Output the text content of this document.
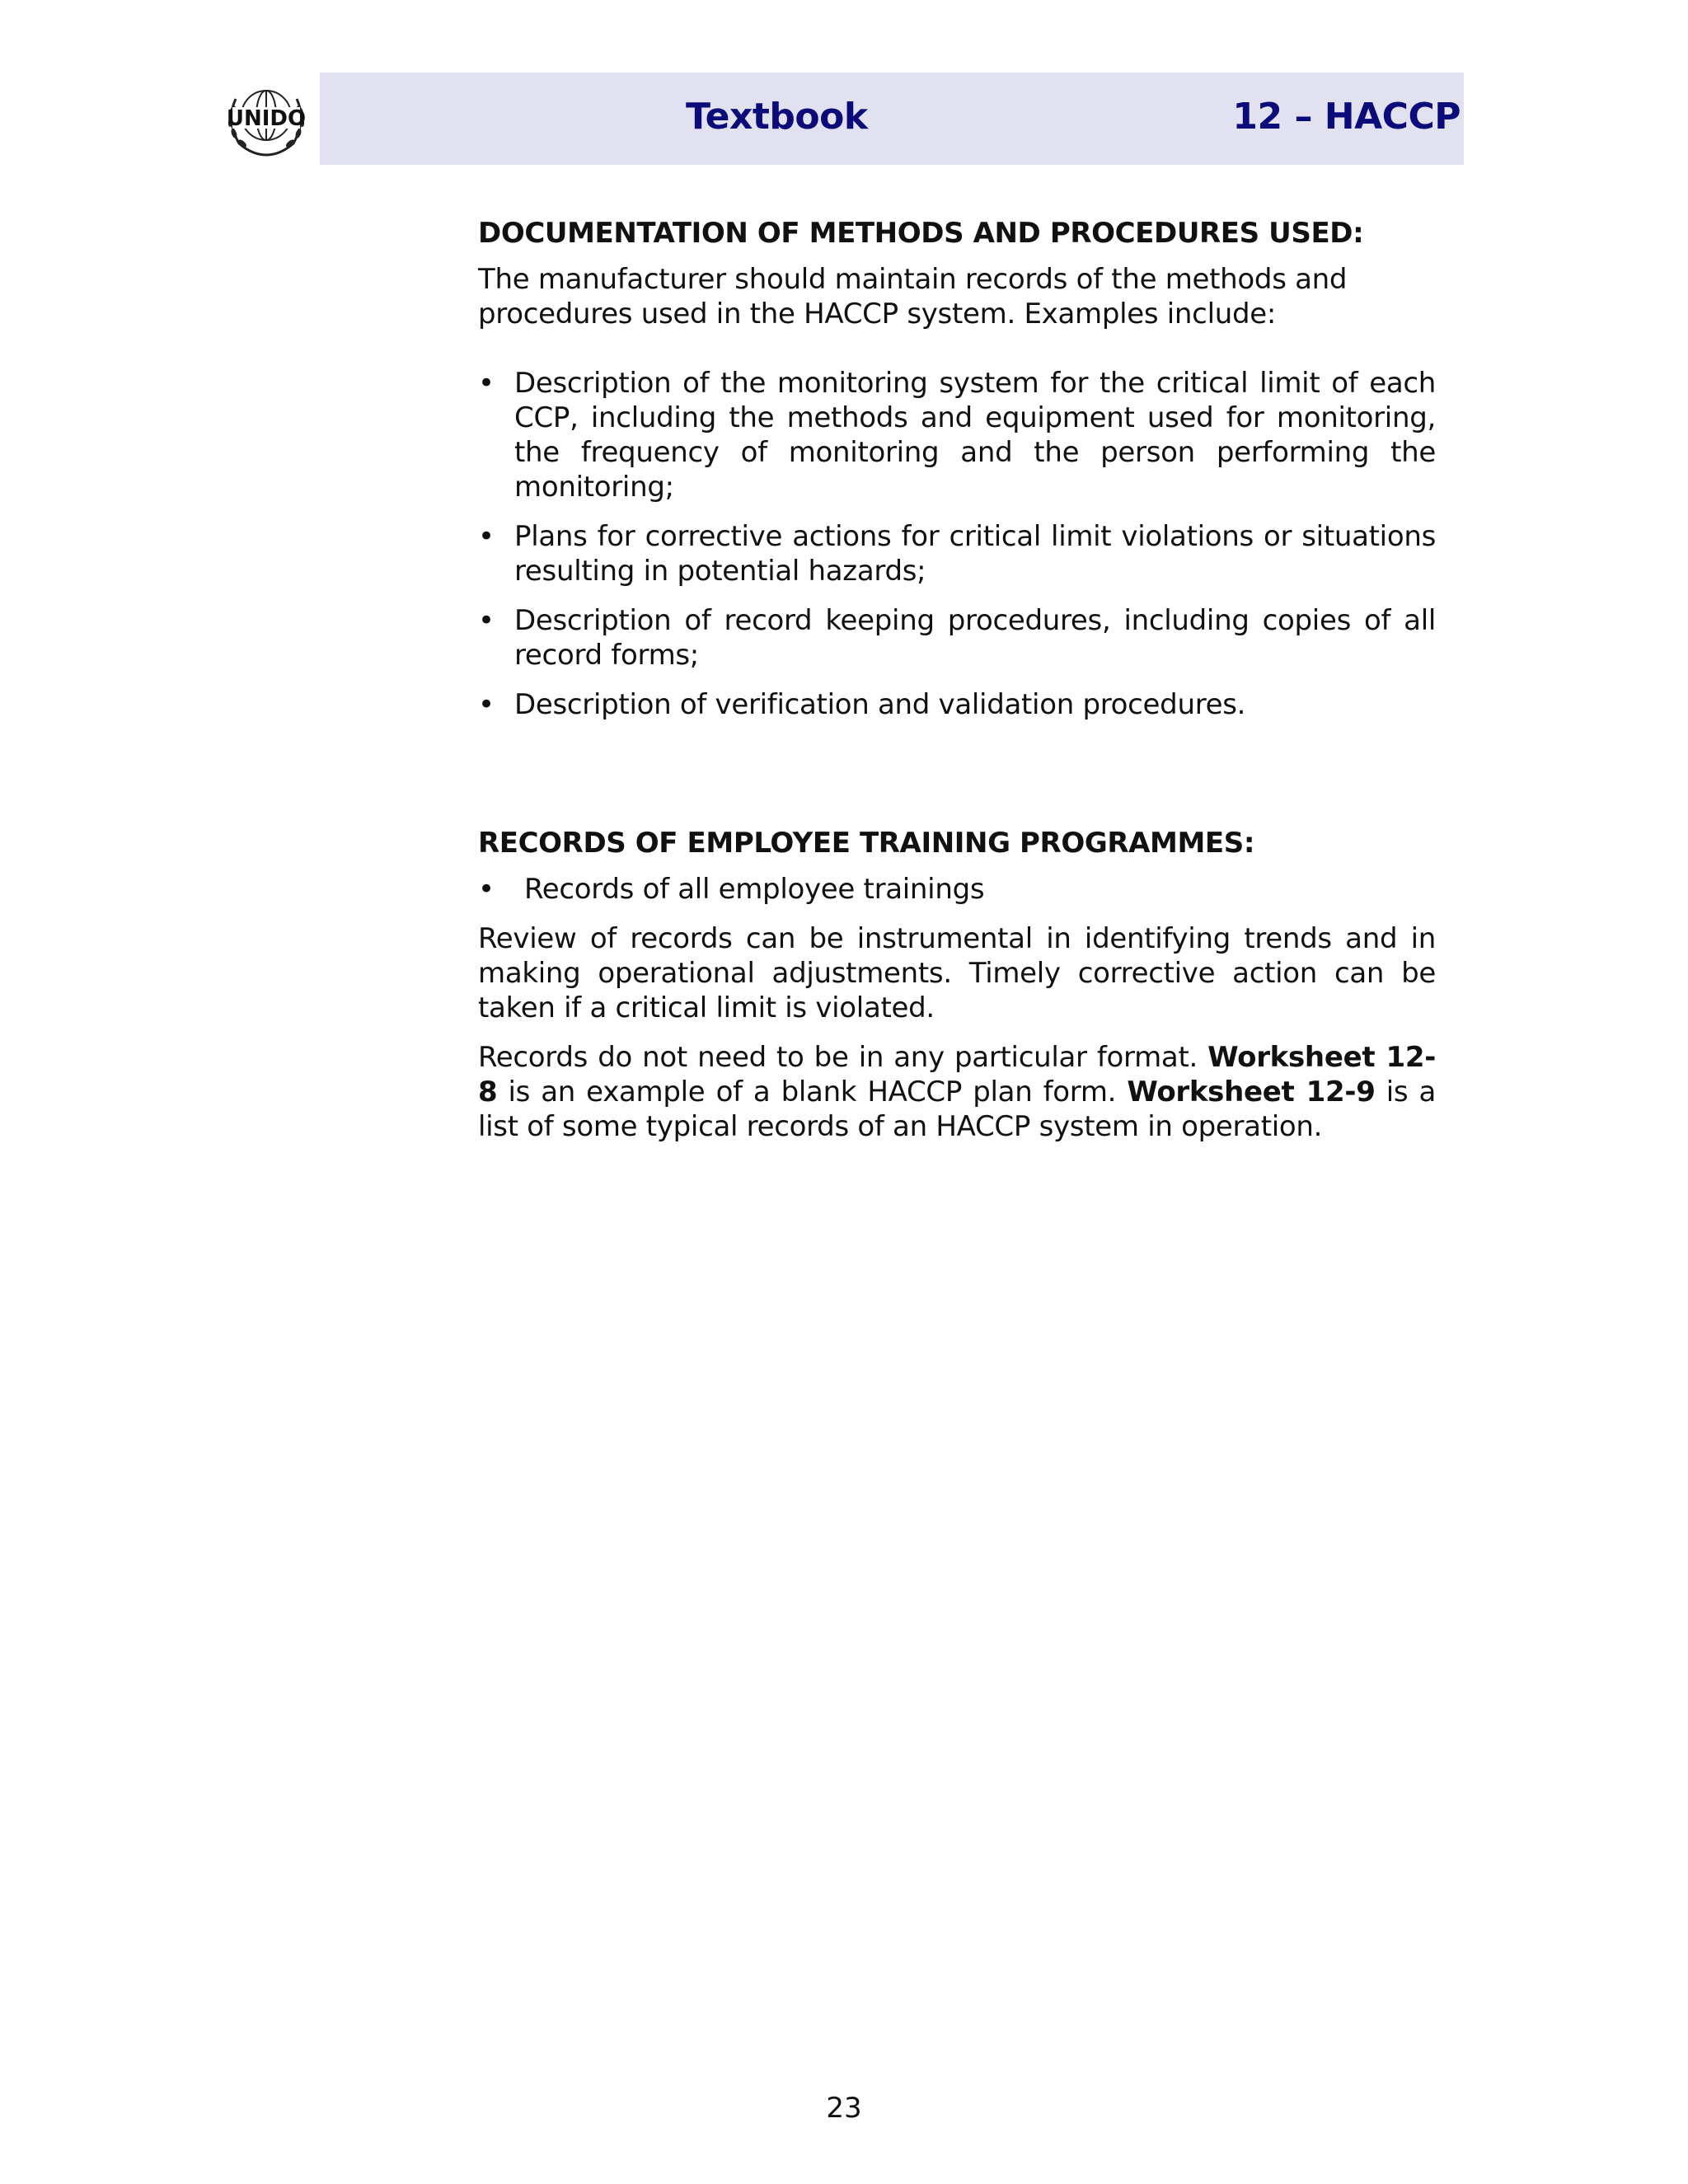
UNIDO	Textbook	12 – HACCP
DOCUMENTATION OF METHODS AND PROCEDURES USED:
The manufacturer should maintain records of the methods and procedures used in the HACCP system. Examples include:
• Description of the monitoring system for the critical limit of each CCP, including the methods and equipment used for monitoring, the frequency of monitoring and the person performing the monitoring;
• Plans for corrective actions for critical limit violations or situations resulting in potential hazards;
• Description of record keeping procedures, including copies of all record forms;
• Description of verification and validation procedures.
RECORDS OF EMPLOYEE TRAINING PROGRAMMES:
• Records of all employee trainings
Review of records can be instrumental in identifying trends and in making operational adjustments. Timely corrective action can be taken if a critical limit is violated.
Records do not need to be in any particular format. Worksheet 12-8 is an example of a blank HACCP plan form. Worksheet 12-9 is a list of some typical records of an HACCP system in operation.
23
